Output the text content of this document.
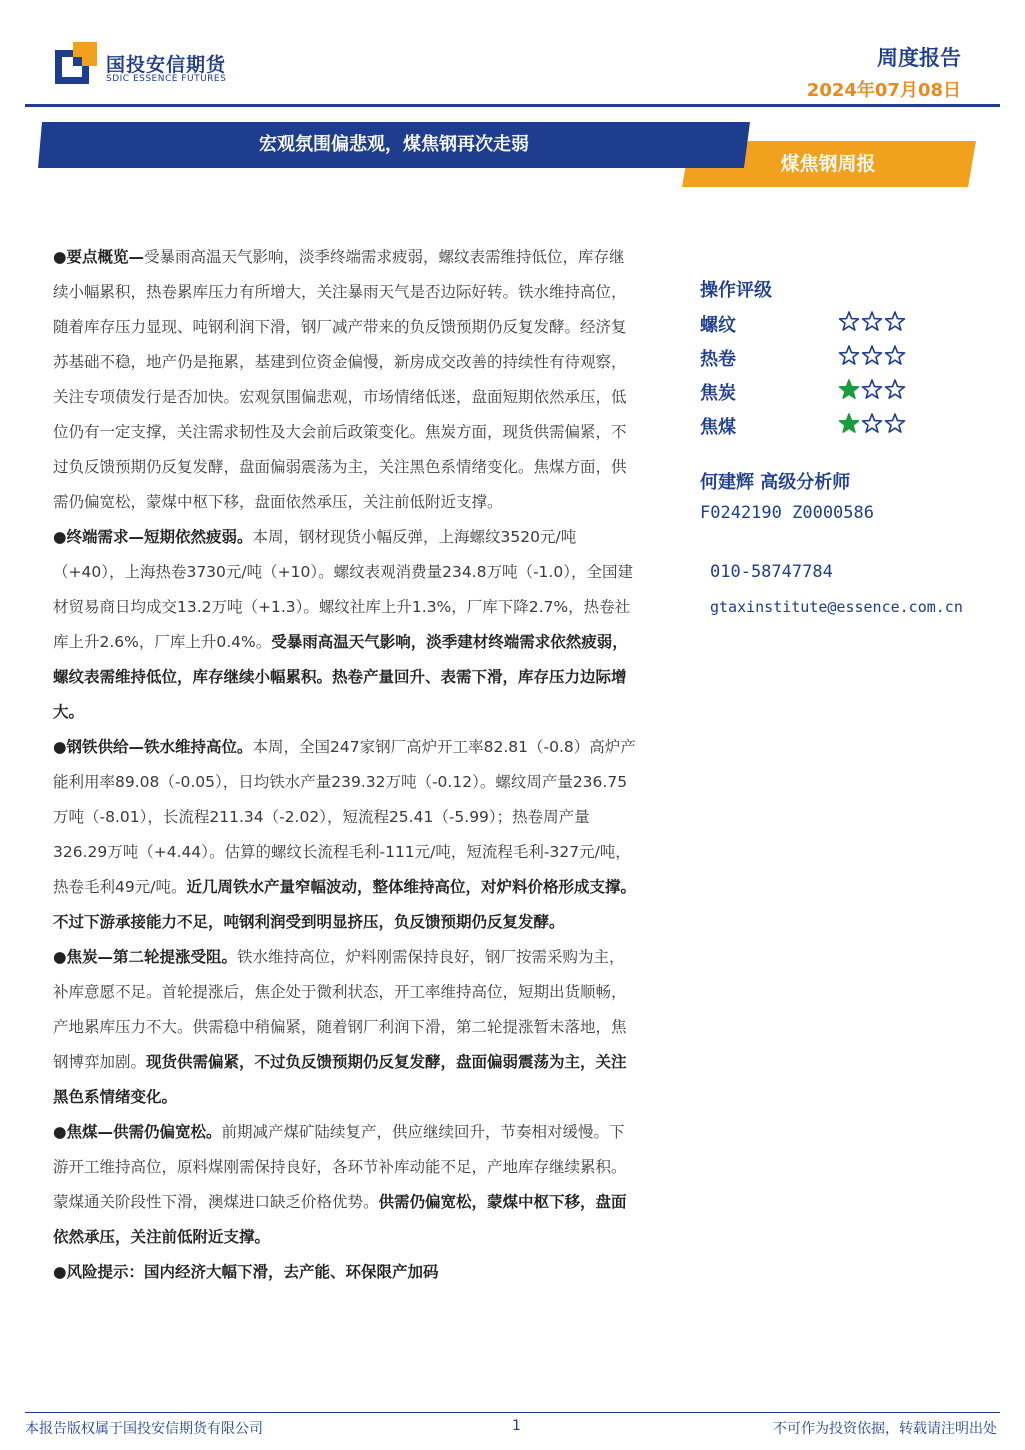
国投安信期货
SDIC ESSENCE FUTURES
周度报告
2024年07月08日
宏观氛围偏悲观，煤焦钢再次走弱
煤焦钢周报

●要点概览—受暴雨高温天气影响，淡季终端需求疲弱，螺纹表需维持低位，库存继续小幅累积，热卷累库压力有所增大，关注暴雨天气是否边际好转。铁水维持高位，随着库存压力显现、吨钢利润下滑，钢厂减产带来的负反馈预期仍反复发酵。经济复苏基础不稳，地产仍是拖累，基建到位资金偏慢，新房成交改善的持续性有待观察，关注专项债发行是否加快。宏观氛围偏悲观，市场情绪低迷，盘面短期依然承压，低位仍有一定支撑，关注需求韧性及大会前后政策变化。焦炭方面，现货供需偏紧，不过负反馈预期仍反复发酵，盘面偏弱震荡为主，关注黑色系情绪变化。焦煤方面，供需仍偏宽松，蒙煤中枢下移，盘面依然承压，关注前低附近支撑。

●终端需求—短期依然疲弱。本周，钢材现货小幅反弹，上海螺纹3520元/吨（+40），上海热卷3730元/吨（+10）。螺纹表观消费量234.8万吨（-1.0），全国建材贸易商日均成交13.2万吨（+1.3）。螺纹社库上升1.3%，厂库下降2.7%，热卷社库上升2.6%，厂库上升0.4%。受暴雨高温天气影响，淡季建材终端需求依然疲弱，螺纹表需维持低位，库存继续小幅累积。热卷产量回升、表需下滑，库存压力边际增大。

●钢铁供给—铁水维持高位。本周，全国247家钢厂高炉开工率82.81（-0.8）高炉产能利用率89.08（-0.05），日均铁水产量239.32万吨（-0.12）。螺纹周产量236.75万吨（-8.01），长流程211.34（-2.02），短流程25.41（-5.99）；热卷周产量326.29万吨（+4.44）。估算的螺纹长流程毛利-111元/吨，短流程毛利-327元/吨，热卷毛利49元/吨。近几周铁水产量窄幅波动，整体维持高位，对炉料价格形成支撑。不过下游承接能力不足，吨钢利润受到明显挤压，负反馈预期仍反复发酵。

●焦炭—第二轮提涨受阻。铁水维持高位，炉料刚需保持良好，钢厂按需采购为主，补库意愿不足。首轮提涨后，焦企处于微利状态，开工率维持高位，短期出货顺畅，产地累库压力不大。供需稳中稍偏紧，随着钢厂利润下滑，第二轮提涨暂未落地，焦钢博弈加剧。现货供需偏紧，不过负反馈预期仍反复发酵，盘面偏弱震荡为主，关注黑色系情绪变化。

●焦煤—供需仍偏宽松。前期减产煤矿陆续复产，供应继续回升，节奏相对缓慢。下游开工维持高位，原料煤刚需保持良好，各环节补库动能不足，产地库存继续累积。蒙煤通关阶段性下滑，澳煤进口缺乏价格优势。供需仍偏宽松，蒙煤中枢下移，盘面依然承压，关注前低附近支撑。

●风险提示：国内经济大幅下滑，去产能、环保限产加码

操作评级
螺纹
热卷
焦炭
焦煤
何建辉 高级分析师
F0242190 Z0000586
010-58747784
gtaxinstitute@essence.com.cn
本报告版权属于国投安信期货有限公司	1	不可作为投资依据，转载请注明出处
